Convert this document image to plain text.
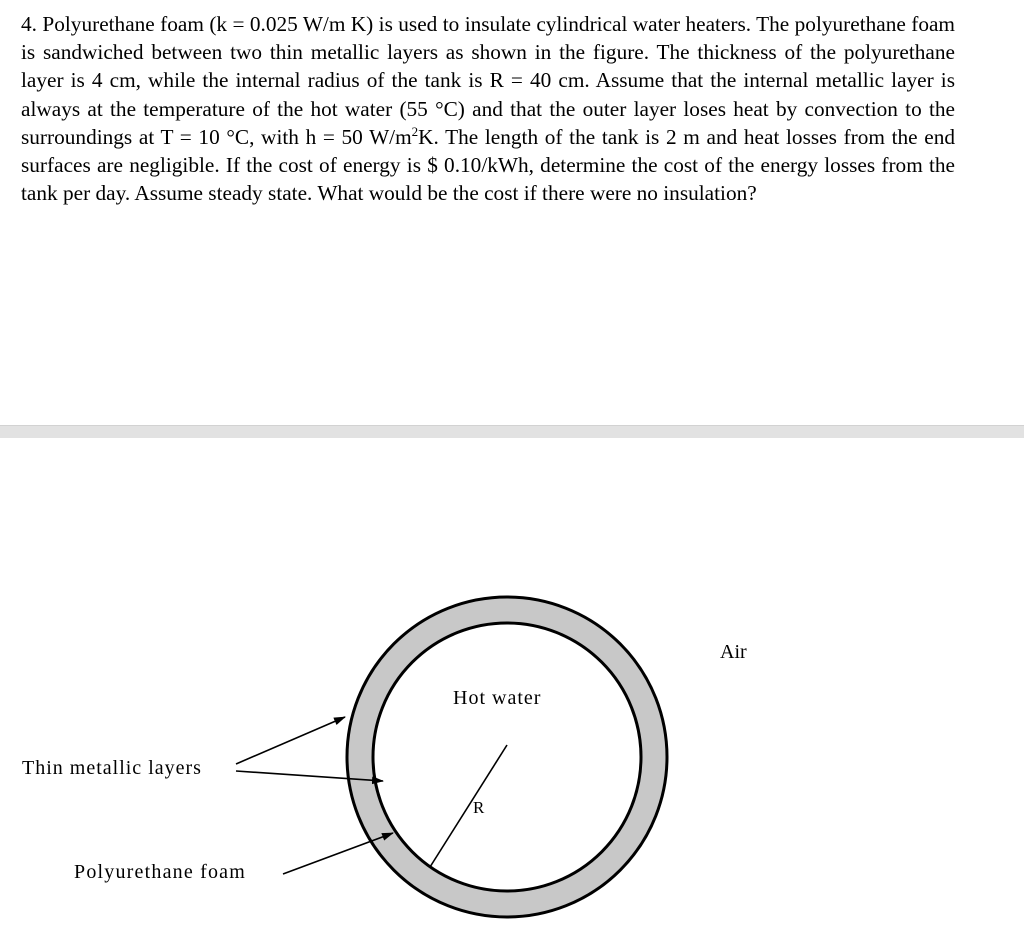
4. Polyurethane foam (k = 0.025 W/m K) is used to insulate cylindrical water heaters. The polyurethane foam is sandwiched between two thin metallic layers as shown in the figure. The thickness of the polyurethane layer is 4 cm, while the internal radius of the tank is R = 40 cm. Assume that the internal metallic layer is always at the temperature of the hot water (55 °C) and that the outer layer loses heat by convection to the surroundings at T = 10 °C, with h = 50 $W/m^2K$. The length of the tank is 2 m and heat losses from the end surfaces are negligible. If the cost of energy is $ 0.10/kWh, determine the cost of the energy losses from the tank per day. Assume steady state. What would be the cost if there were no insulation?

Air
Hot water
R
Thin metallic layers
Polyurethane foam
